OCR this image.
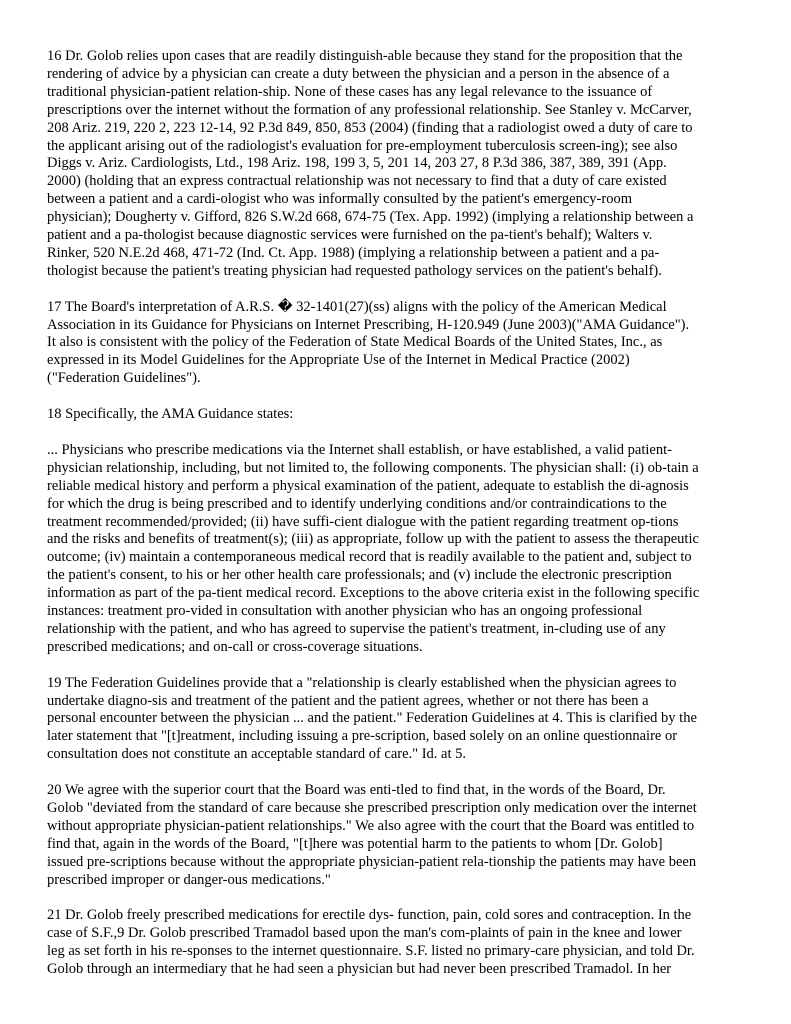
16 Dr. Golob relies upon cases that are readily distinguish-able because they stand for the proposition that the
rendering of advice by a physician can create a duty between the physician and a person in the absence of a
traditional physician-patient relation-ship. None of these cases has any legal relevance to the issuance of
prescriptions over the internet without the formation of any professional relationship. See Stanley v. McCarver,
208 Ariz. 219, 220 2, 223 12-14, 92 P.3d 849, 850, 853 (2004) (finding that a radiologist owed a duty of care to
the applicant arising out of the radiologist's evaluation for pre-employment tuberculosis screen-ing); see also
Diggs v. Ariz. Cardiologists, Ltd., 198 Ariz. 198, 199 3, 5, 201 14, 203 27, 8 P.3d 386, 387, 389, 391 (App.
2000) (holding that an express contractual relationship was not necessary to find that a duty of care existed
between a patient and a cardi-ologist who was informally consulted by the patient's emergency-room
physician); Dougherty v. Gifford, 826 S.W.2d 668, 674-75 (Tex. App. 1992) (implying a relationship between a
patient and a pa-thologist because diagnostic services were furnished on the pa-tient's behalf); Walters v.
Rinker, 520 N.E.2d 468, 471-72 (Ind. Ct. App. 1988) (implying a relationship between a patient and a pa-
thologist because the patient's treating physician had requested pathology services on the patient's behalf).

17 The Board's interpretation of A.R.S. � 32-1401(27)(ss) aligns with the policy of the American Medical
Association in its Guidance for Physicians on Internet Prescribing, H-120.949 (June 2003)("AMA Guidance").
It also is consistent with the policy of the Federation of State Medical Boards of the United States, Inc., as
expressed in its Model Guidelines for the Appropriate Use of the Internet in Medical Practice (2002)
("Federation Guidelines").

18 Specifically, the AMA Guidance states:

... Physicians who prescribe medications via the Internet shall establish, or have established, a valid patient-
physician relationship, including, but not limited to, the following components. The physician shall: (i) ob-tain a
reliable medical history and perform a physical examination of the patient, adequate to establish the di-agnosis
for which the drug is being prescribed and to identify underlying conditions and/or contraindications to the
treatment recommended/provided; (ii) have suffi-cient dialogue with the patient regarding treatment op-tions
and the risks and benefits of treatment(s); (iii) as appropriate, follow up with the patient to assess the therapeutic
outcome; (iv) maintain a contemporaneous medical record that is readily available to the patient and, subject to
the patient's consent, to his or her other health care professionals; and (v) include the electronic prescription
information as part of the pa-tient medical record. Exceptions to the above criteria exist in the following specific
instances: treatment pro-vided in consultation with another physician who has an ongoing professional
relationship with the patient, and who has agreed to supervise the patient's treatment, in-cluding use of any
prescribed medications; and on-call or cross-coverage situations.

19 The Federation Guidelines provide that a "relationship is clearly established when the physician agrees to
undertake diagno-sis and treatment of the patient and the patient agrees, whether or not there has been a
personal encounter between the physician ... and the patient." Federation Guidelines at 4. This is clarified by the
later statement that "[t]reatment, including issuing a pre-scription, based solely on an online questionnaire or
consultation does not constitute an acceptable standard of care." Id. at 5.

20 We agree with the superior court that the Board was enti-tled to find that, in the words of the Board, Dr.
Golob "deviated from the standard of care because she prescribed prescription only medication over the internet
without appropriate physician-patient relationships." We also agree with the court that the Board was entitled to
find that, again in the words of the Board, "[t]here was potential harm to the patients to whom [Dr. Golob]
issued pre-scriptions because without the appropriate physician-patient rela-tionship the patients may have been
prescribed improper or danger-ous medications."

21 Dr. Golob freely prescribed medications for erectile dys- function, pain, cold sores and contraception. In the
case of S.F.,9 Dr. Golob prescribed Tramadol based upon the man's com-plaints of pain in the knee and lower
leg as set forth in his re-sponses to the internet questionnaire. S.F. listed no primary-care physician, and told Dr.
Golob through an intermediary that he had seen a physician but had never been prescribed Tramadol. In her
